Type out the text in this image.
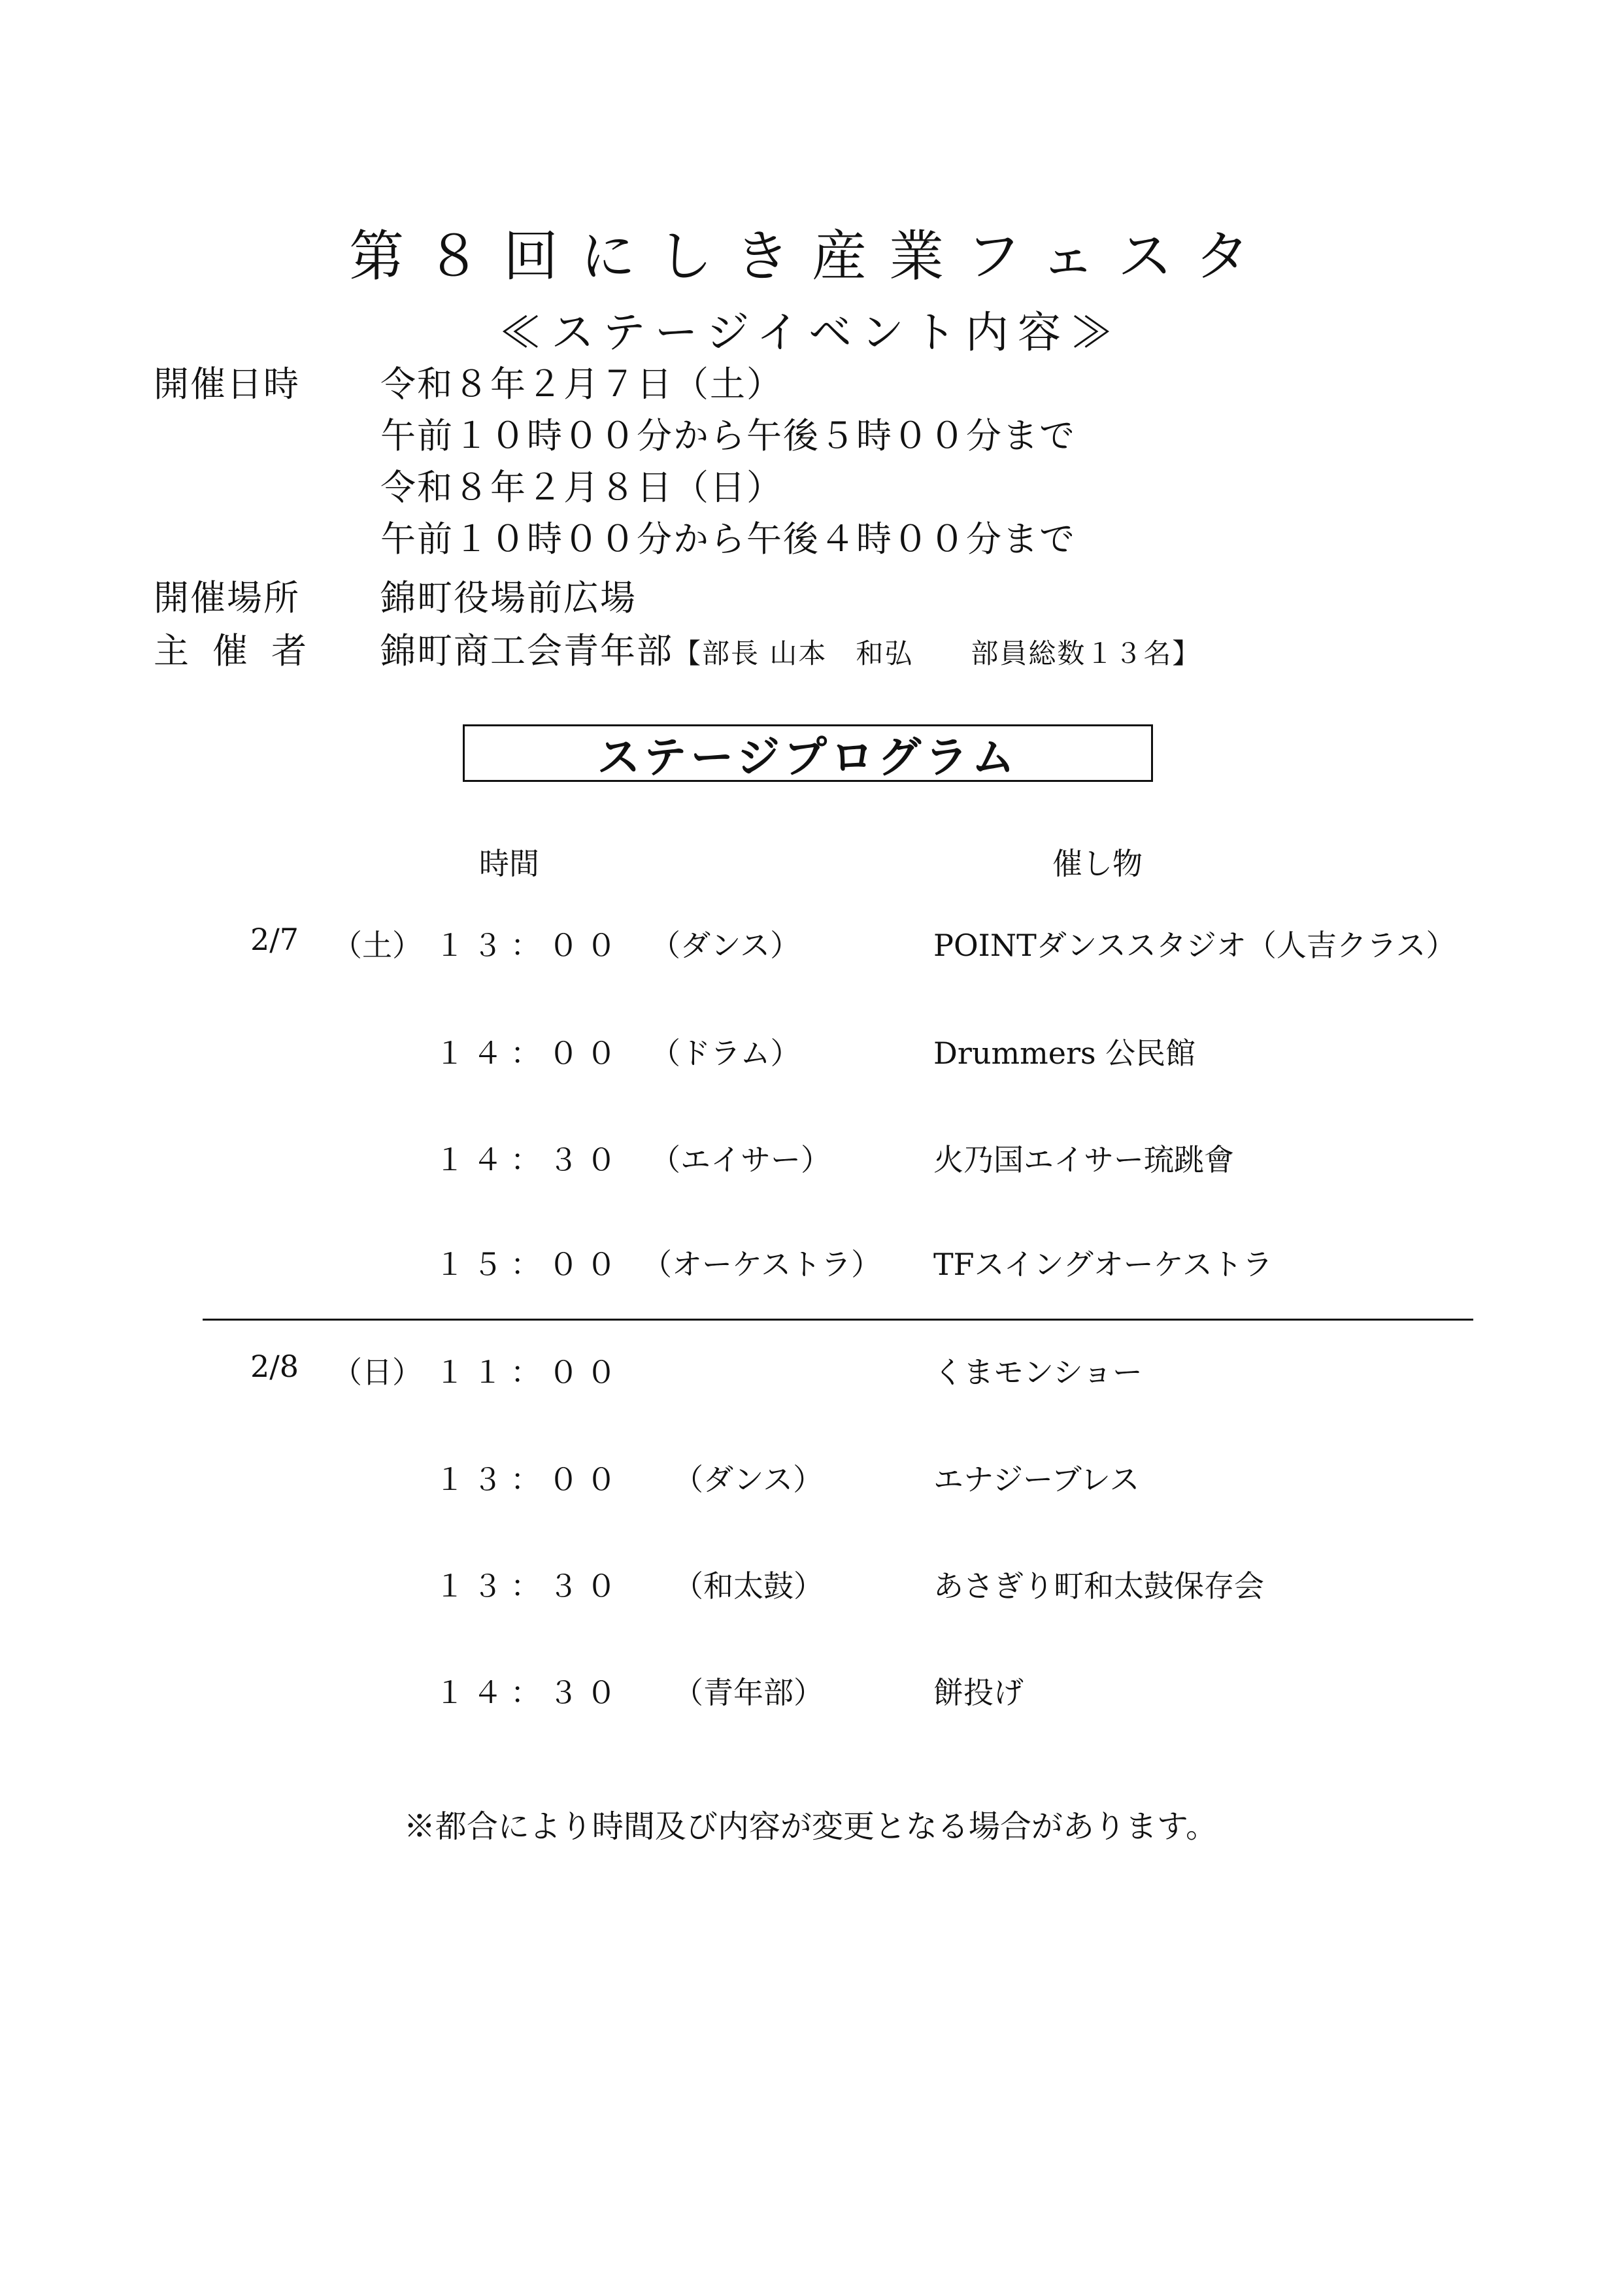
第８回にしき産業フェスタ
≪ステージイベント内容≫
開催日時 令和８年２月７日（土）
午前１０時００分から午後５時００分まで
令和８年２月８日（日）
午前１０時００分から午後４時００分まで
開催場所 錦町役場前広場
主催者 錦町商工会青年部【部長 山本　和弘　　部員総数１３名】
ステージプログラム
時間	催し物
2/7 （土） １３：００ （ダンス）	POINTダンススタジオ（人吉クラス）
１４：００ （ドラム）	Drummers 公民館
１４：３０ （エイサー）	火乃国エイサー琉跳會
１５：００ （オーケストラ） TFスイングオーケストラ
2/8 （日） １１：００	くまモンショー
１３：００ （ダンス）	エナジーブレス
１３：３０ （和太鼓）	あさぎり町和太鼓保存会
１４：３０ （青年部）	餅投げ
※都合により時間及び内容が変更となる場合があります。
